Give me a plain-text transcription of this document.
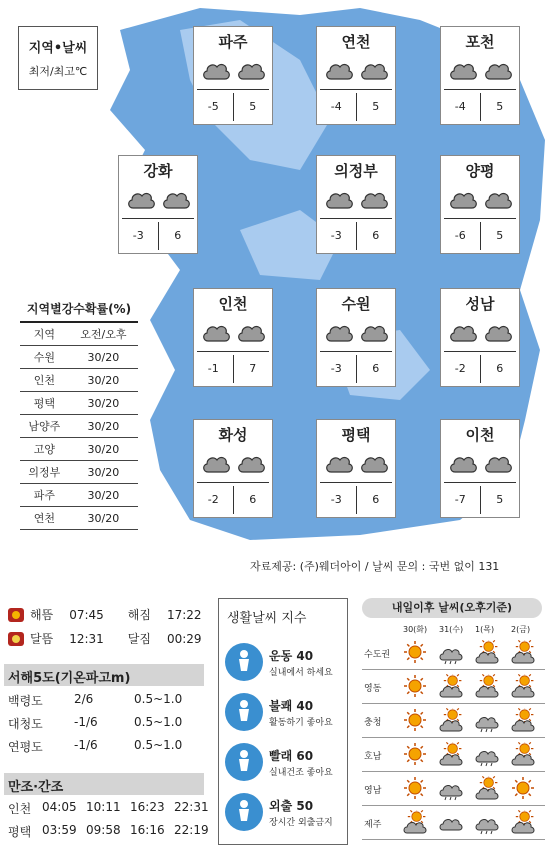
지역•날씨
최저/최고℃
파주
-5	5
연천
-4	5
포천
-4	5
강화
-3	6
의정부
-3	6
양평
-6	5
인천
-1	7
수원
-3	6
성남
-2	6
화성
-2	6
평택
-3	6
이천
-7	5
지역별강수확률(%)
지역	오전/오후
수원	30/20
인천	30/20
평택	30/20
남양주	30/20
고양	30/20
의정부	30/20
파주	30/20
연천	30/20
자료제공: (주)웨더아이 / 날씨 문의 : 국번 없이 131
해뜸 07:45 해짐 17:22
달뜸 12:31 달짐 00:29
서해5도(기온파고m)
백령도	2/6	0.5~1.0
대청도	-1/6	0.5~1.0
연평도	-1/6	0.5~1.0
만조·간조
인천 04:05 10:11 16:23 22:31
평택 03:59 09:58 16:16 22:19
생활날씨 지수
운동 40
실내에서 하세요
불쾌 40
활동하기 좋아요
빨래 60
실내건조 좋아요
외출 50
장시간 외출금지
내일이후 날씨(오후기준)
30(화) 31(수) 1(목) 2(금)
수도권
영동
충청
호남
영남
제주
